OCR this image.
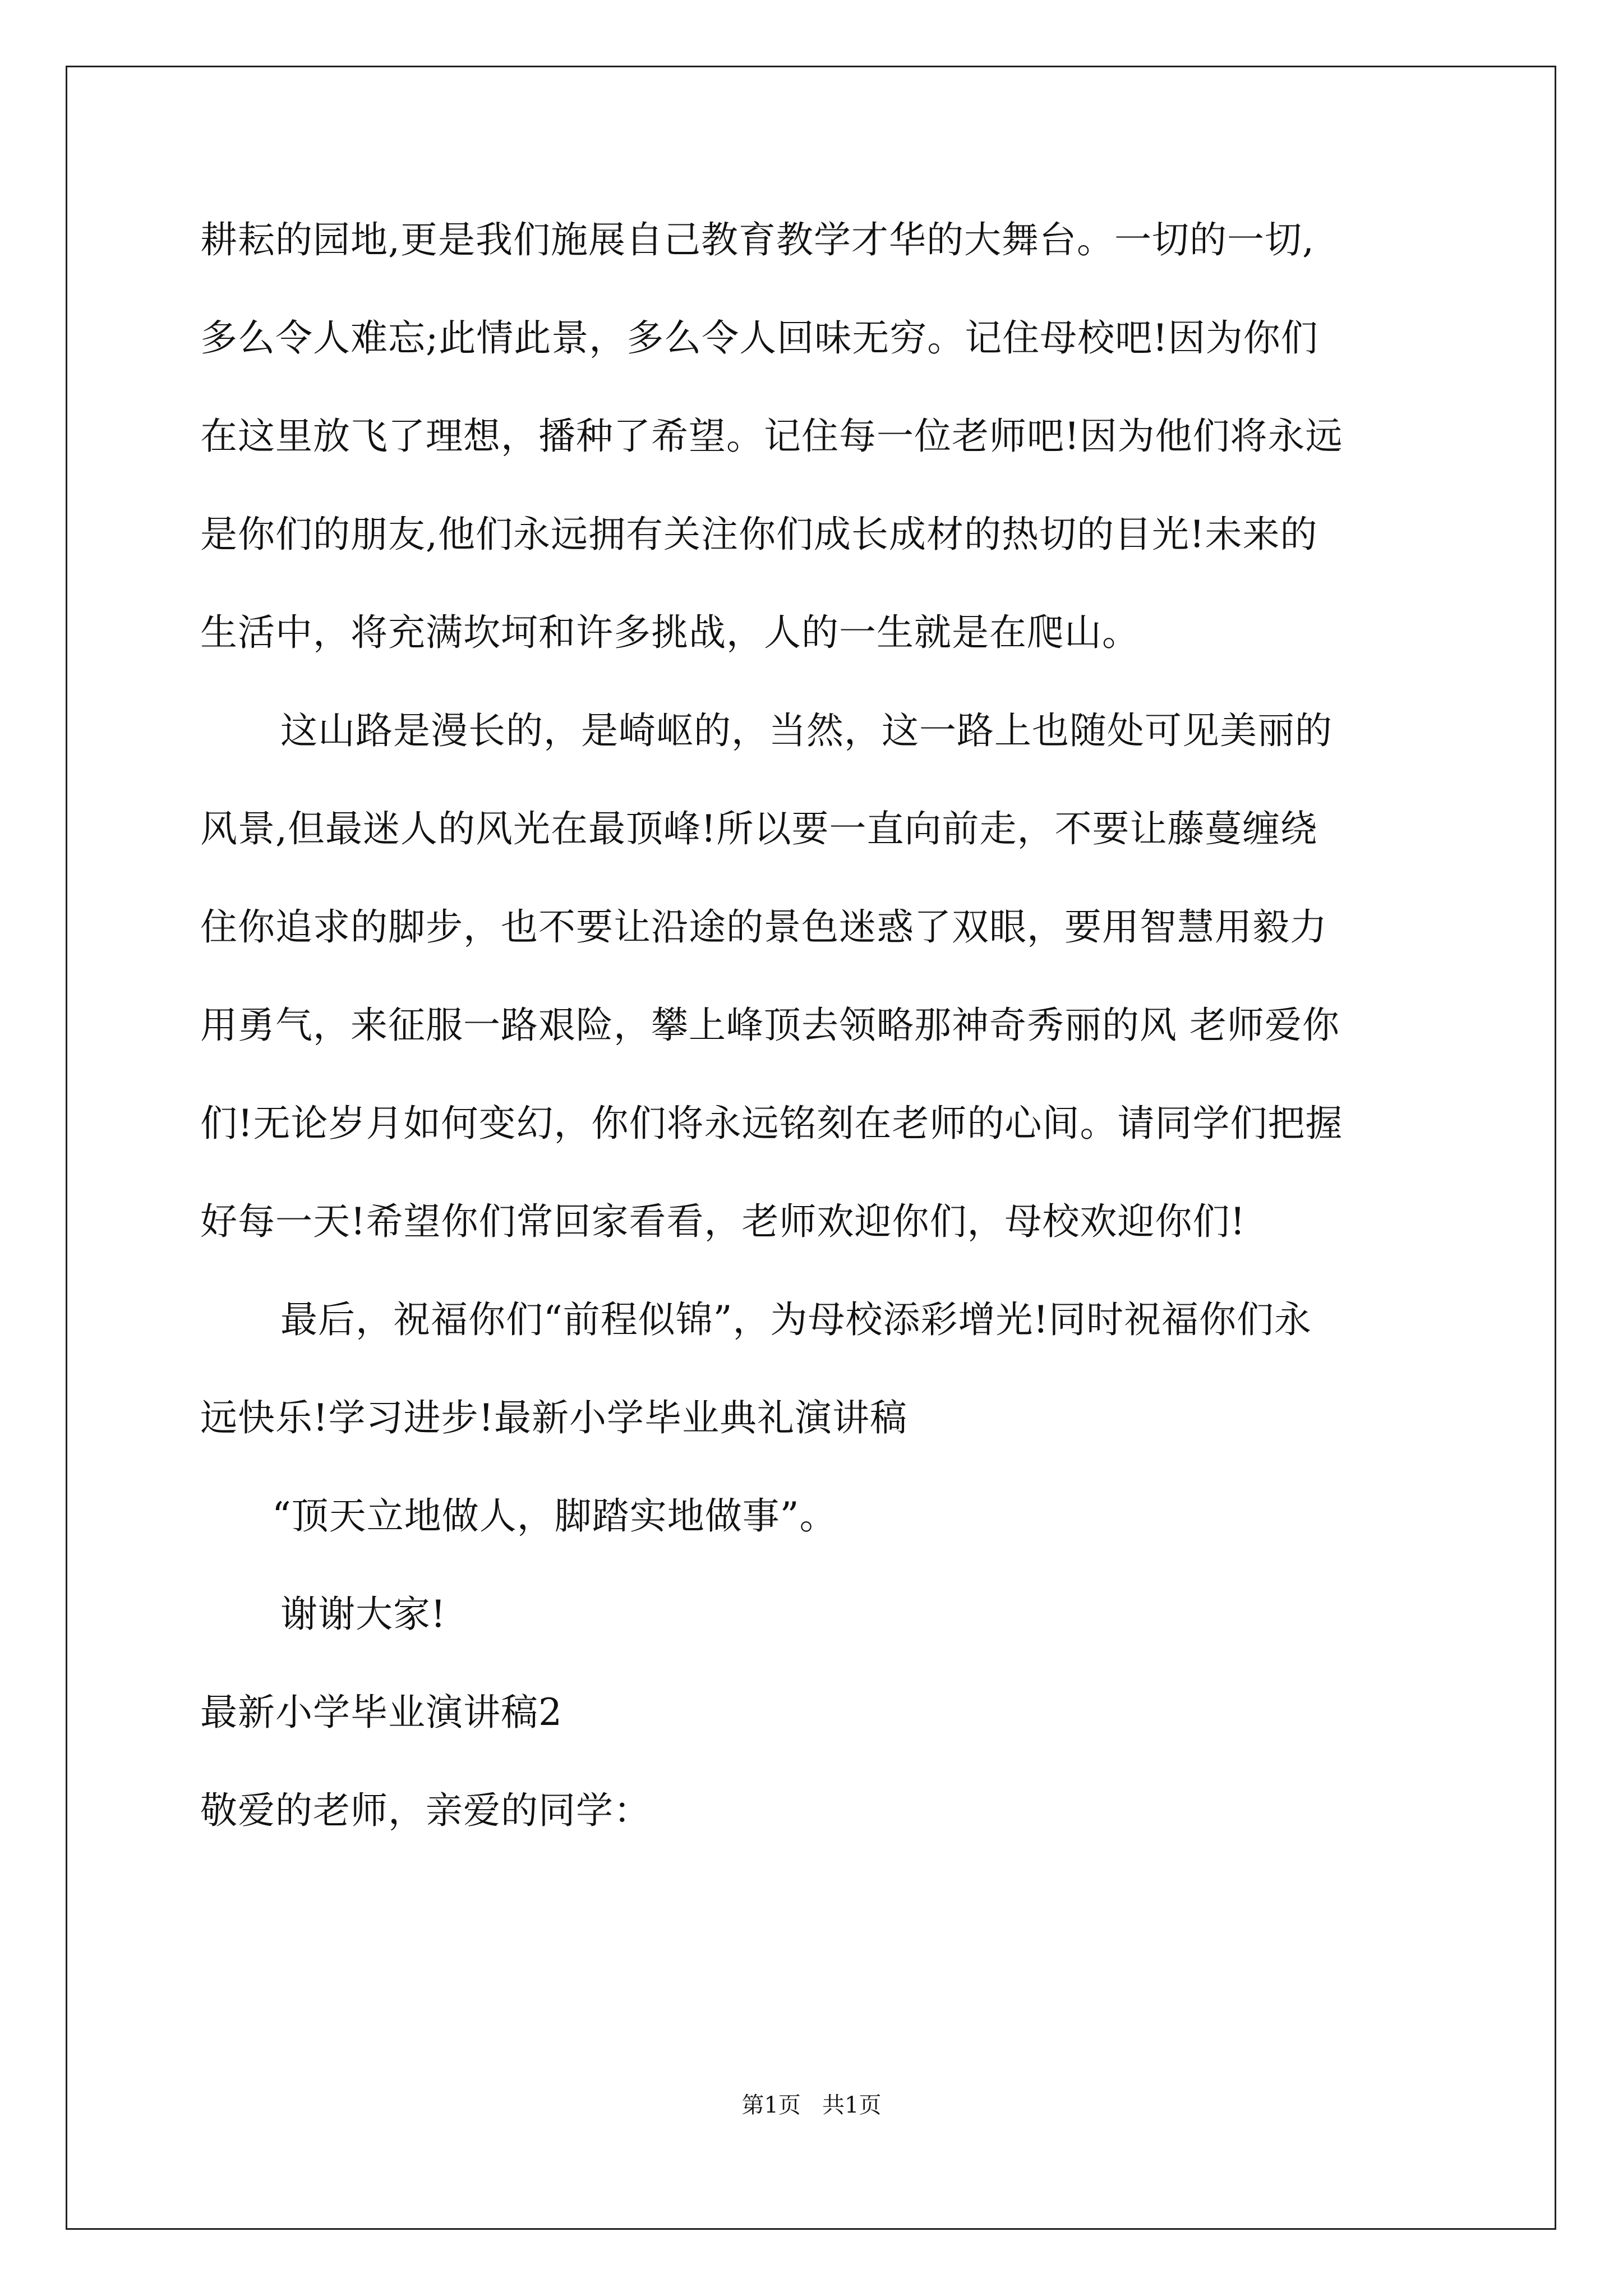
耕耘的园地,更是我们施展自己教育教学才华的大舞台。一切的一切,
多么令人难忘;此情此景，多么令人回味无穷。记住母校吧!因为你们
在这里放飞了理想，播种了希望。记住每一位老师吧!因为他们将永远
是你们的朋友,他们永远拥有关注你们成长成材的热切的目光!未来的
生活中，将充满坎坷和许多挑战，人的一生就是在爬山。
这山路是漫长的，是崎岖的，当然，这一路上也随处可见美丽的
风景,但最迷人的风光在最顶峰!所以要一直向前走，不要让藤蔓缠绕
住你追求的脚步，也不要让沿途的景色迷惑了双眼，要用智慧用毅力
用勇气，来征服一路艰险，攀上峰顶去领略那神奇秀丽的风 老师爱你
们!无论岁月如何变幻，你们将永远铭刻在老师的心间。请同学们把握
好每一天!希望你们常回家看看，老师欢迎你们，母校欢迎你们!
最后，祝福你们“前程似锦”，为母校添彩增光!同时祝福你们永
远快乐!学习进步!最新小学毕业典礼演讲稿
“顶天立地做人，脚踏实地做事”。
谢谢大家!
最新小学毕业演讲稿2
敬爱的老师，亲爱的同学：
第1页   共1页
